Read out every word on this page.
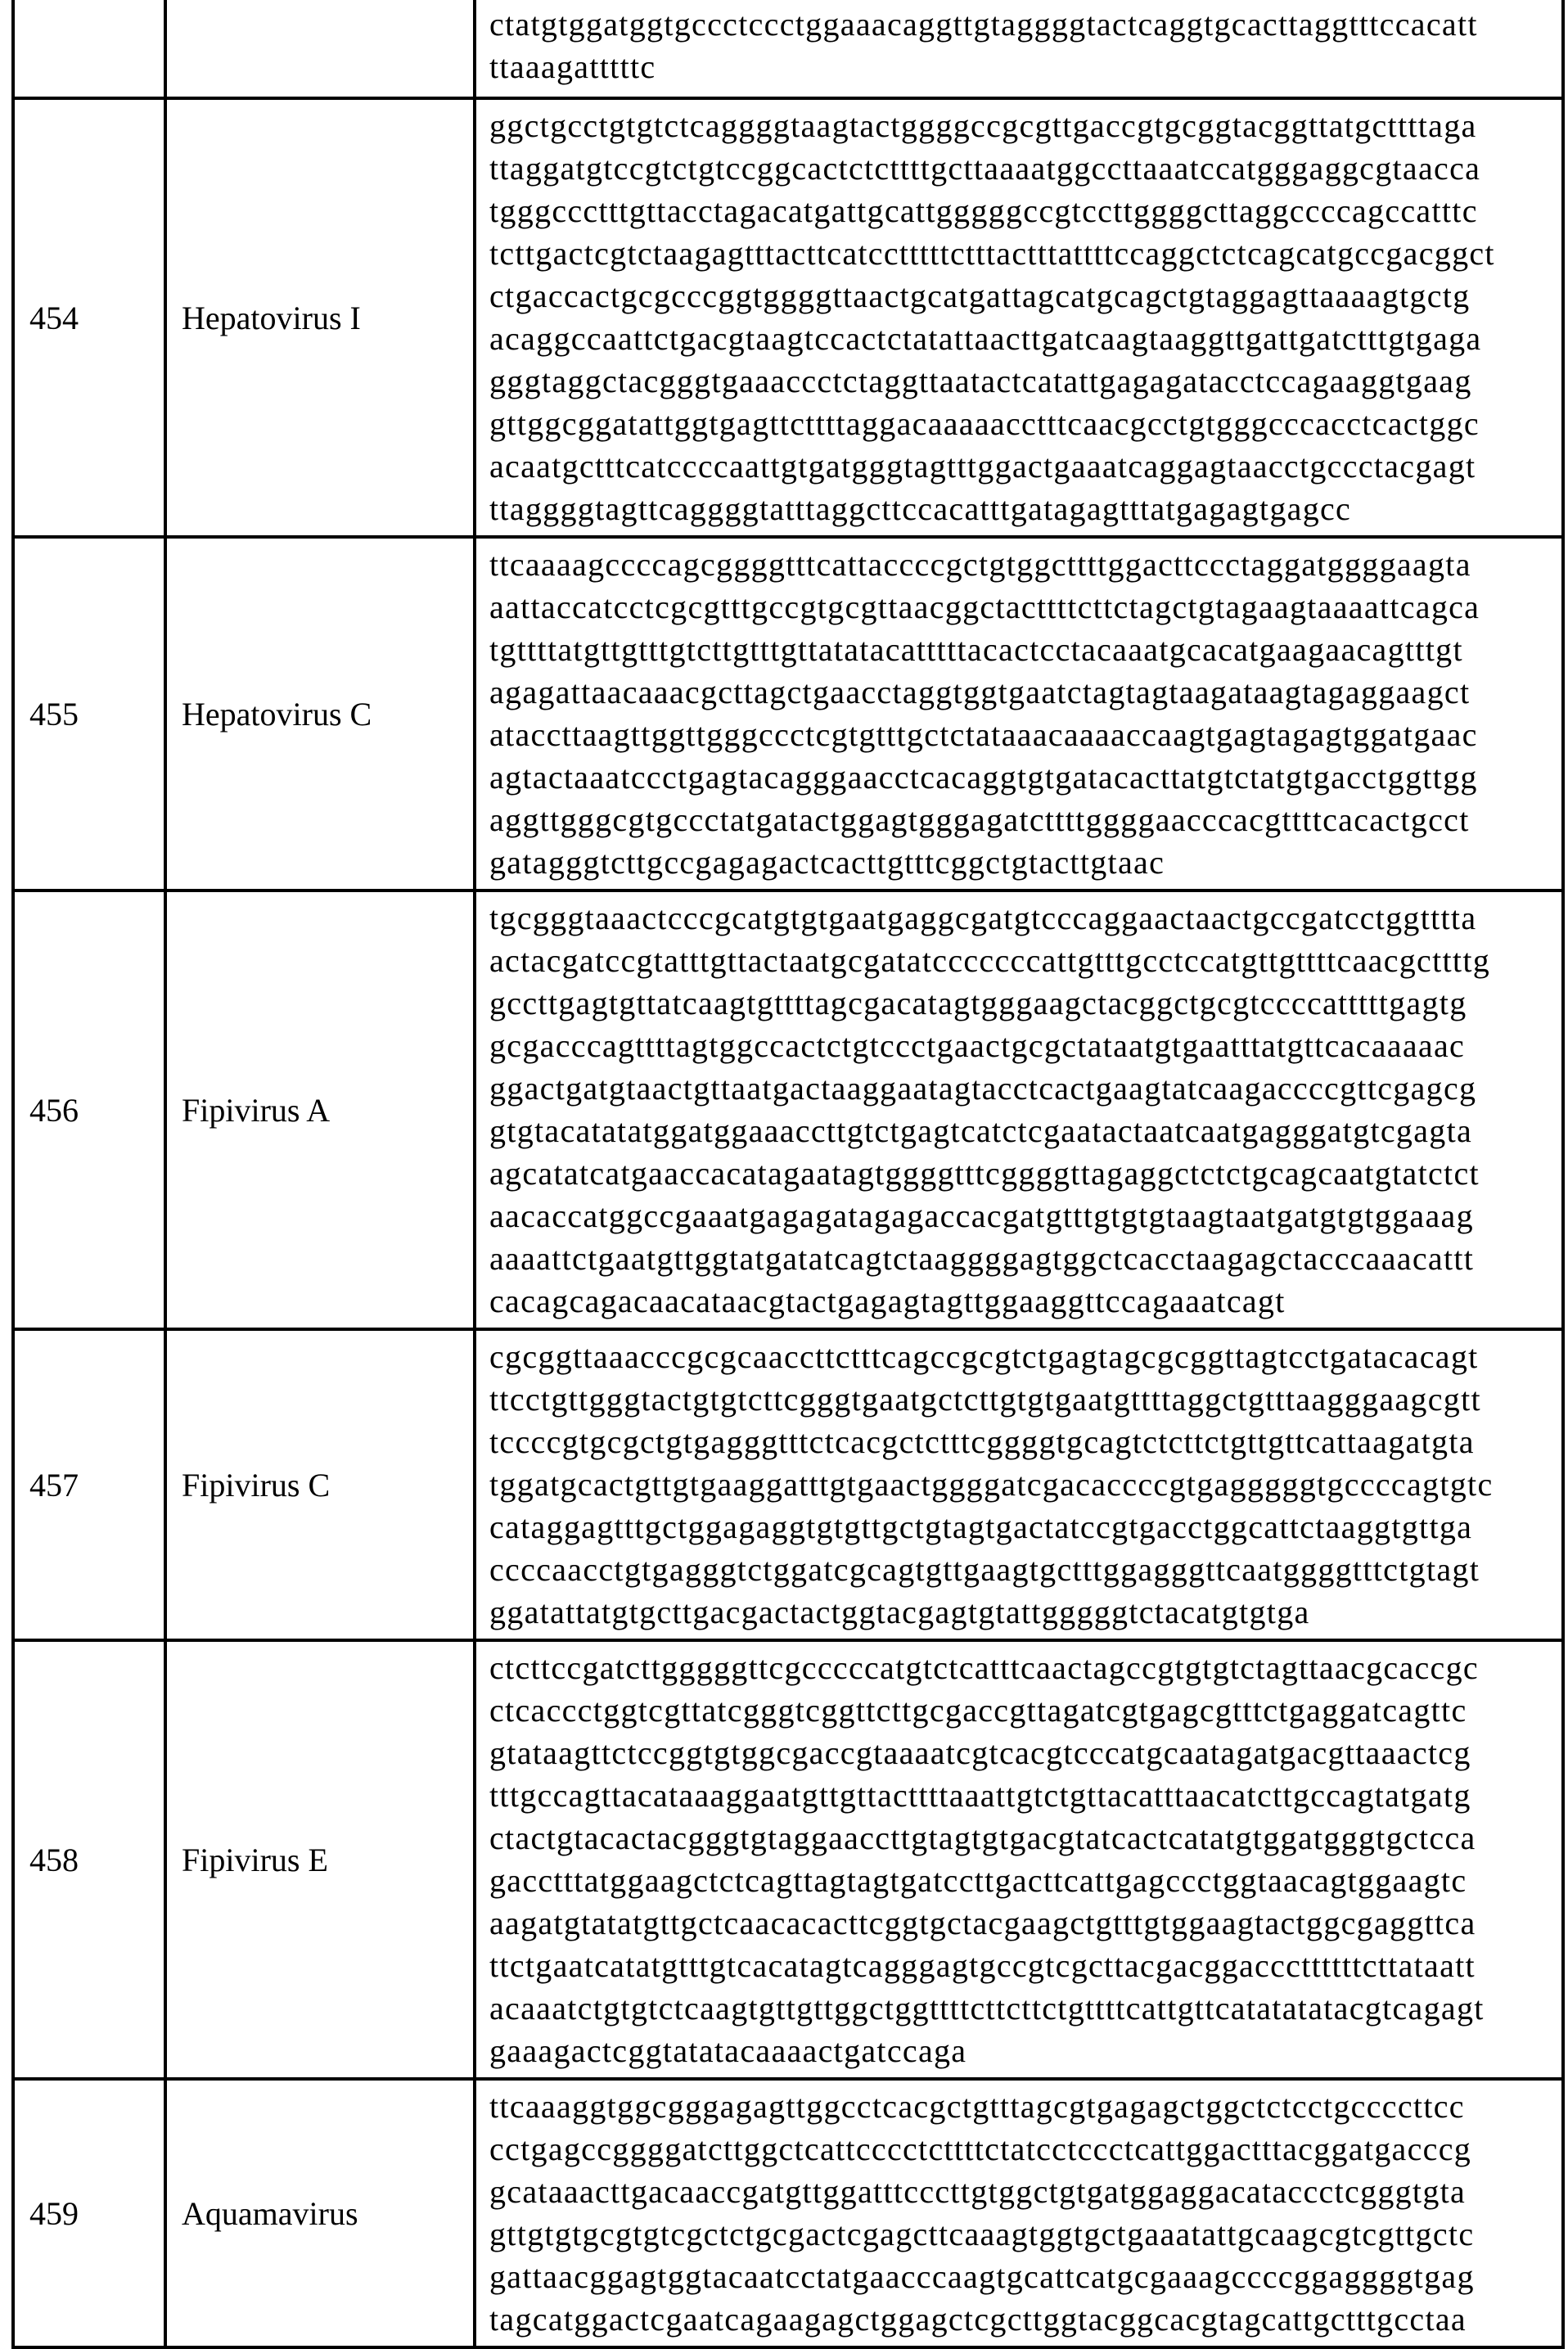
ctatgtggatggtgccctccctggaaacaggttgtaggggtactcaggtgcacttaggtttccacatt
ttaaagatttttc

454	Hepatovirus I	
ggctgcctgtgtctcaggggtaagtactggggccgcgttgaccgtgcggtacggttatgcttttaga
ttaggatgtccgtctgtccggcactctcttttgcttaaaatggccttaaatccatgggaggcgtaacca
tgggccctttgttacctagacatgattgcattgggggccgtccttggggcttaggccccagccatttc
tcttgactcgtctaagagtttacttcatcctttttctttactttattttccaggctctcagcatgccgacggct
ctgaccactgcgcccggtggggttaactgcatgattagcatgcagctgtaggagttaaaagtgctg
acaggccaattctgacgtaagtccactctatattaacttgatcaagtaaggttgattgatctttgtgaga
gggtaggctacgggtgaaaccctctaggttaatactcatattgagagatacctccagaaggtgaag
gttggcggatattggtgagttcttttaggacaaaaacctttcaacgcctgtgggcccacctcactggc
acaatgctttcatccccaattgtgatgggtagtttggactgaaatcaggagtaacctgccctacgagt
ttaggggtagttcaggggtatttaggcttccacatttgatagagtttatgagagtgagcc

455	Hepatovirus C	
ttcaaaagccccagcggggtttcattaccccgctgtggcttttggacttccctaggatggggaagta
aattaccatcctcgcgtttgccgtgcgttaacggctacttttcttctagctgtagaagtaaaattcagca
tgttttatgttgtttgtcttgtttgttatatacatttttacactcctacaaatgcacatgaagaacagtttgt
agagattaacaaacgcttagctgaacctaggtggtgaatctagtagtaagataagtagaggaagct
ataccttaagttggttgggccctcgtgtttgctctataaacaaaaccaagtgagtagagtggatgaac
agtactaaatccctgagtacagggaacctcacaggtgtgatacacttatgtctatgtgacctggttgg
aggttgggcgtgccctatgatactggagtgggagatcttttggggaacccacgttttcacactgcct
gatagggtcttgccgagagactcacttgtttcggctgtacttgtaac

456	Fipivirus A	
tgcgggtaaactcccgcatgtgtgaatgaggcgatgtcccaggaactaactgccgatcctggtttta
actacgatccgtatttgttactaatgcgatatcccccccattgtttgcctccatgttgttttcaacgcttttg
gccttgagtgttatcaagtgttttagcgacatagtgggaagctacggctgcgtccccatttttgagtg
gcgacccagttttagtggccactctgtccctgaactgcgctataatgtgaatttatgttcacaaaaac
ggactgatgtaactgttaatgactaaggaatagtacctcactgaagtatcaagaccccgttcgagcg
gtgtacatatatggatggaaaccttgtctgagtcatctcgaatactaatcaatgagggatgtcgagta
agcatatcatgaaccacatagaatagtggggtttcggggttagaggctctctgcagcaatgtatctct
aacaccatggccgaaatgagagatagagaccacgatgtttgtgtgtaagtaatgatgtgtggaaag
aaaattctgaatgttggtatgatatcagtctaaggggagtggctcacctaagagctacccaaacattt
cacagcagacaacataacgtactgagagtagttggaaggttccagaaatcagt

457	Fipivirus C	
cgcggttaaacccgcgcaaccttctttcagccgcgtctgagtagcgcggttagtcctgatacacagt
ttcctgttgggtactgtgtcttcgggtgaatgctcttgtgtgaatgttttaggctgtttaagggaagcgtt
tccccgtgcgctgtgagggtttctcacgctctttcggggtgcagtctcttctgttgttcattaagatgta
tggatgcactgttgtgaaggatttgtgaactggggatcgacaccccgtgagggggtgccccagtgtc
cataggagtttgctggagaggtgtgttgctgtagtgactatccgtgacctggcattctaaggtgttga
ccccaacctgtgagggtctggatcgcagtgttgaagtgctttggagggttcaatggggtttctgtagt
ggatattatgtgcttgacgactactggtacgagtgtattgggggtctacatgtgtga

458	Fipivirus E	
ctcttccgatcttgggggttcgcccccatgtctcatttcaactagccgtgtgtctagttaacgcaccgc
ctcaccctggtcgttatcgggtcggttcttgcgaccgttagatcgtgagcgtttctgaggatcagttc
gtataagttctccggtgtggcgaccgtaaaatcgtcacgtcccatgcaatagatgacgttaaactcg
tttgccagttacataaaggaatgttgttacttttaaattgtctgttacatttaacatcttgccagtatgatg
ctactgtacactacgggtgtaggaaccttgtagtgtgacgtatcactcatatgtggatgggtgctcca
gacctttatggaagctctcagttagtagtgatccttgacttcattgagccctggtaacagtggaagtc
aagatgtatatgttgctcaacacacttcggtgctacgaagctgtttgtggaagtactggcgaggttca
ttctgaatcatatgtttgtcacatagtcagggagtgccgtcgcttacgacggacccttttttcttataatt
acaaatctgtgtctcaagtgttgttggctggttttcttcttctgttttcattgttcatatatatacgtcagagt
gaaagactcggtatatacaaaactgatccaga

459	Aquamavirus	
ttcaaaggtggcgggagagttggcctcacgctgtttagcgtgagagctggctctcctgccccttcc
cctgagccggggatcttggctcattcccctcttttctatcctccctcattggactttacggatgacccg
gcataaacttgacaaccgatgttggatttcccttgtggctgtgatggaggacataccctcgggtgta
gttgtgtgcgtgtcgctctgcgactcgagcttcaaagtggtgctgaaatattgcaagcgtcgttgctc
gattaacggagtggtacaatcctatgaacccaagtgcattcatgcgaaagccccggaggggtgag
tagcatggactcgaatcagaagagctggagctcgcttggtacggcacgtagcattgctttgcctaa
